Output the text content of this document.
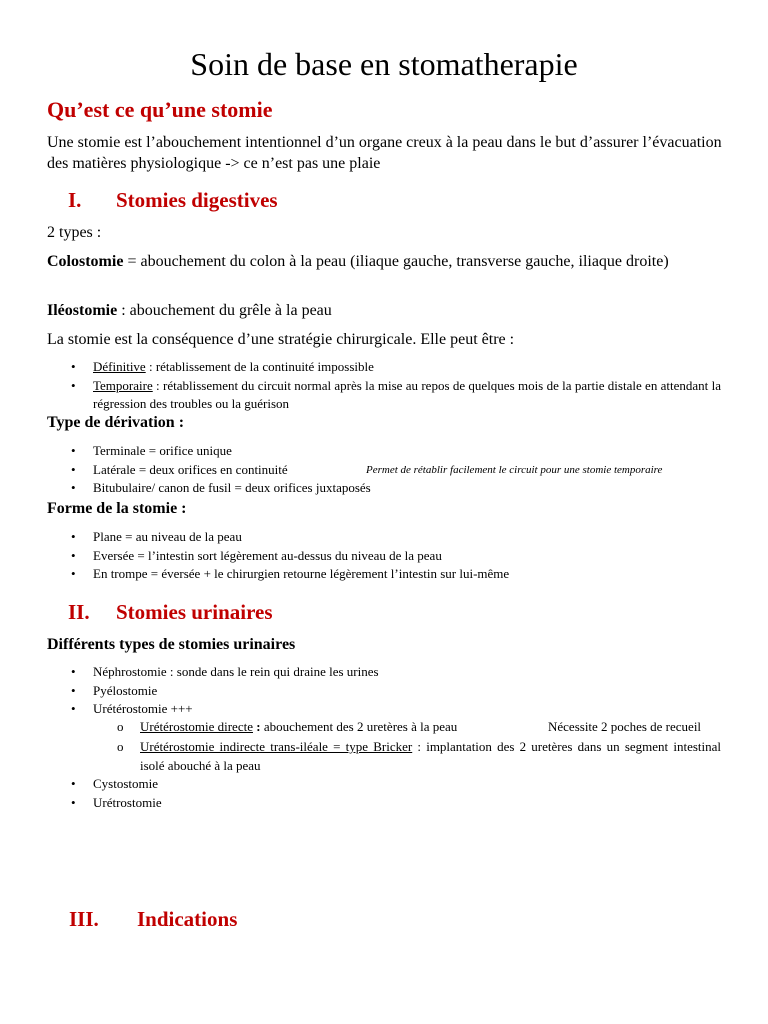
Soin de base en stomatherapie
Qu’est ce qu’une stomie
Une stomie est l’abouchement intentionnel d’un organe creux à la peau dans le but d’assurer l’évacuation des matières physiologique -> ce n’est pas une plaie
I. Stomies digestives
2 types :
Colostomie = abouchement du colon à la peau (iliaque gauche, transverse gauche, iliaque droite)
Iléostomie : abouchement du grêle à la peau
La stomie est la conséquence d’une stratégie chirurgicale. Elle peut être :
• Définitive : rétablissement de la continuité impossible
• Temporaire : rétablissement du circuit normal après la mise au repos de quelques mois de la partie distale en attendant la régression des troubles ou la guérison
Type de dérivation :
• Terminale = orifice unique
• Latérale = deux orifices en continuité
• Bitubulaire/ canon de fusil = deux orifices juxtaposés
Permet de rétablir facilement le circuit pour une stomie temporaire
Forme de la stomie :
• Plane = au niveau de la peau
• Eversée = l’intestin sort légèrement au-dessus du niveau de la peau
• En trompe = éversée + le chirurgien retourne légèrement l’intestin sur lui-même
II. Stomies urinaires
Différents types de stomies urinaires
• Néphrostomie : sonde dans le rein qui draine les urines
• Pyélostomie
• Urétérostomie +++
o Urétérostomie directe : abouchement des 2 uretères à la peau	Nécessite 2 poches de recueil
o Urétérostomie indirecte trans-iléale = type Bricker : implantation des 2 uretères dans un segment intestinal isolé abouché à la peau
• Cystostomie
• Urétrostomie
III. Indications
